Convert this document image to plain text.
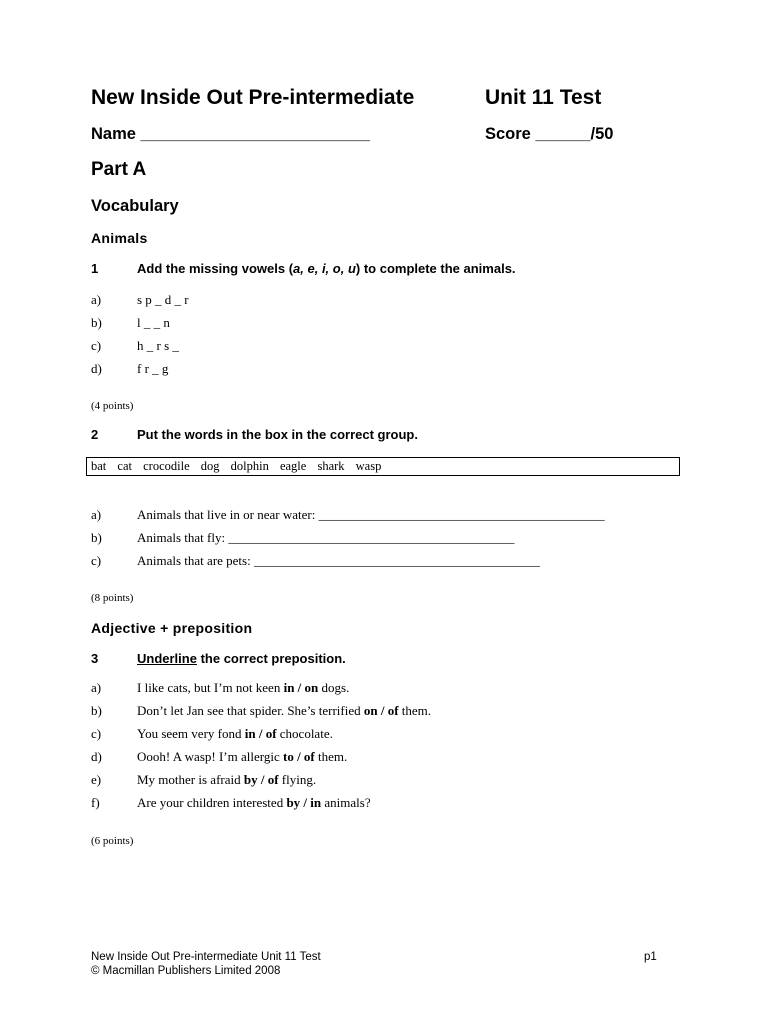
New Inside Out Pre-intermediate	Unit 11 Test
Name _________________________	Score ______/50
Part A
Vocabulary
Animals
1	Add the missing vowels (a, e, i, o, u) to complete the animals.
a)	s p _ d _ r
b)	l _ _ n
c)	h _ r s _
d)	f r _ g
(4 points)
2	Put the words in the box in the correct group.
bat cat crocodile dog dolphin eagle shark wasp
a)	Animals that live in or near water: ____________________________________________
b)	Animals that fly: ____________________________________________
c)	Animals that are pets: ____________________________________________
(8 points)
Adjective + preposition
3	Underline the correct preposition.
a)	I like cats, but I’m not keen in / on dogs.
b)	Don’t let Jan see that spider. She’s terrified on / of them.
c)	You seem very fond in / of chocolate.
d)	Oooh! A wasp! I’m allergic to / of them.
e)	My mother is afraid by / of flying.
f)	Are your children interested by / in animals?
(6 points)
New Inside Out Pre-intermediate Unit 11 Test
© Macmillan Publishers Limited 2008
p1
